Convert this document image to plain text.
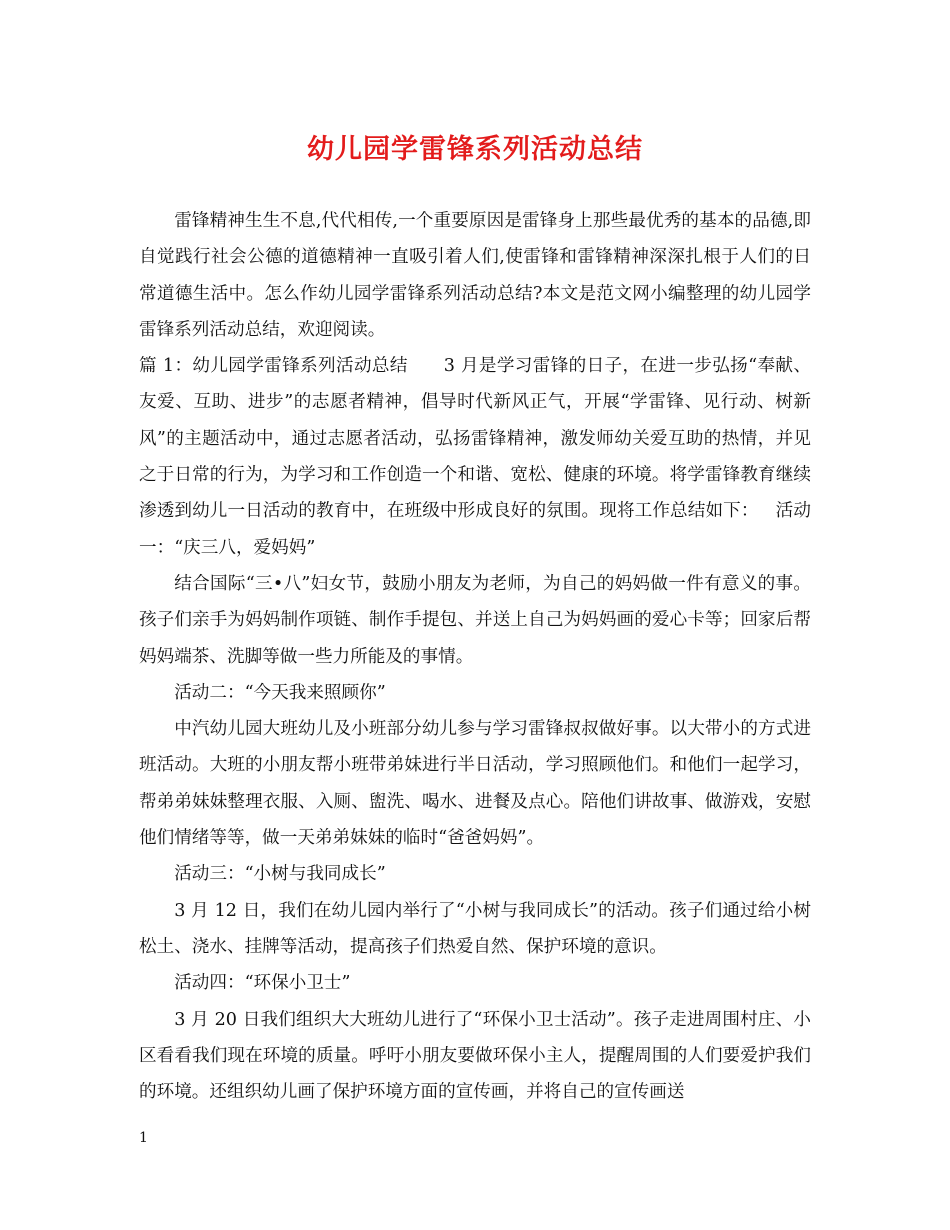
幼儿园学雷锋系列活动总结

雷锋精神生生不息,代代相传,一个重要原因是雷锋身上那些最优秀的基本的品德,即自觉践行社会公德的道德精神一直吸引着人们,使雷锋和雷锋精神深深扎根于人们的日常道德生活中。怎么作幼儿园学雷锋系列活动总结?本文是范文网小编整理的幼儿园学雷锋系列活动总结，欢迎阅读。

篇 1：幼儿园学雷锋系列活动总结 3 月是学习雷锋的日子，在进一步弘扬“奉献、友爱、互助、进步”的志愿者精神，倡导时代新风正气，开展“学雷锋、见行动、树新风”的主题活动中，通过志愿者活动，弘扬雷锋精神，激发师幼关爱互助的热情，并见之于日常的行为，为学习和工作创造一个和谐、宽松、健康的环境。将学雷锋教育继续渗透到幼儿一日活动的教育中，在班级中形成良好的氛围。现将工作总结如下： 活动一：“庆三八，爱妈妈”

结合国际“三•八”妇女节，鼓励小朋友为老师，为自己的妈妈做一件有意义的事。孩子们亲手为妈妈制作项链、制作手提包、并送上自己为妈妈画的爱心卡等；回家后帮妈妈端茶、洗脚等做一些力所能及的事情。

活动二：“今天我来照顾你”

中汽幼儿园大班幼儿及小班部分幼儿参与学习雷锋叔叔做好事。以大带小的方式进班活动。大班的小朋友帮小班带弟妹进行半日活动，学习照顾他们。和他们一起学习，帮弟弟妹妹整理衣服、入厕、盥洗、喝水、进餐及点心。陪他们讲故事、做游戏，安慰他们情绪等等，做一天弟弟妹妹的临时“爸爸妈妈”。

活动三：“小树与我同成长”

3 月 12 日，我们在幼儿园内举行了“小树与我同成长”的活动。孩子们通过给小树松土、浇水、挂牌等活动，提高孩子们热爱自然、保护环境的意识。

活动四：“环保小卫士”

3 月 20 日我们组织大大班幼儿进行了“环保小卫士活动”。孩子走进周围村庄、小区看看我们现在环境的质量。呼吁小朋友要做环保小主人，提醒周围的人们要爱护我们的环境。还组织幼儿画了保护环境方面的宣传画，并将自己的宣传画送

1
